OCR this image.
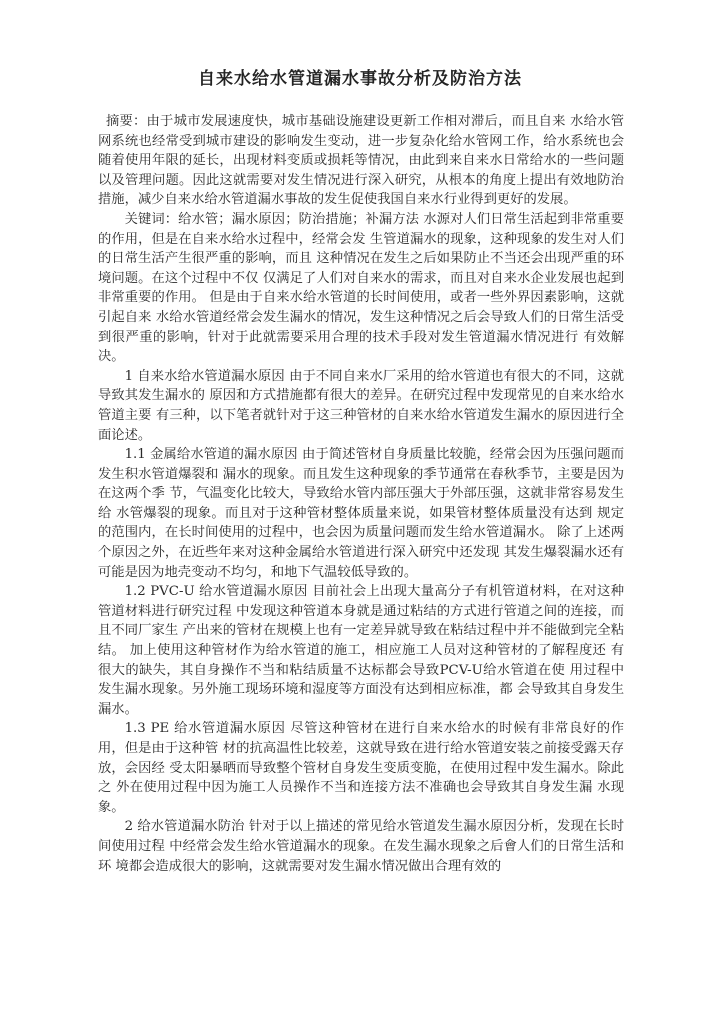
自来水给水管道漏水事故分析及防治方法

摘要：由于城市发展速度快，城市基础设施建设更新工作相对滞后，而且自来 水给水管网系统也经常受到城市建设的影响发生变动，进一步复杂化给水管网工作，给水系统也会随着使用年限的延长，出现材料变质或损耗等情况，由此到来自来水日常给水的一些问题以及管理问题。因此这就需要对发生情况进行深入研究，从根本的角度上提出有效地防治措施，减少自来水给水管道漏水事故的发生促使我国自来水行业得到更好的发展。

关键词：给水管；漏水原因；防治措施；补漏方法 水源对人们日常生活起到非常重要的作用，但是在自来水给水过程中，经常会发 生管道漏水的现象，这种现象的发生对人们的日常生活产生很严重的影响，而且 这种情况在发生之后如果防止不当还会出现严重的环境问题。在这个过程中不仅 仅满足了人们对自来水的需求，而且对自来水企业发展也起到非常重要的作用。 但是由于自来水给水管道的长时间使用，或者一些外界因素影响，这就引起自来 水给水管道经常会发生漏水的情况，发生这种情况之后会导致人们的日常生活受 到很严重的影响，针对于此就需要采用合理的技术手段对发生管道漏水情况进行 有效解决。

1 自来水给水管道漏水原因 由于不同自来水厂采用的给水管道也有很大的不同，这就导致其发生漏水的 原因和方式措施都有很大的差异。在研究过程中发现常见的自来水给水管道主要 有三种，以下笔者就针对于这三种管材的自来水给水管道发生漏水的原因进行全 面论述。

1.1 金属给水管道的漏水原因 由于简述管材自身质量比较脆，经常会因为压强问题而发生积水管道爆裂和 漏水的现象。而且发生这种现象的季节通常在春秋季节，主要是因为在这两个季 节，气温变化比较大，导致给水管内部压强大于外部压强，这就非常容易发生给 水管爆裂的现象。而且对于这种管材整体质量来说，如果管材整体质量没有达到 规定的范围内，在长时间使用的过程中，也会因为质量问题而发生给水管道漏水。 除了上述两个原因之外，在近些年来对这种金属给水管道进行深入研究中还发现 其发生爆裂漏水还有可能是因为地壳变动不均匀，和地下气温较低导致的。

1.2 PVC-U 给水管道漏水原因 目前社会上出现大量高分子有机管道材料，在对这种管道材料进行研究过程 中发现这种管道本身就是通过粘结的方式进行管道之间的连接，而且不同厂家生 产出来的管材在规模上也有一定差异就导致在粘结过程中并不能做到完全粘结。 加上使用这种管材作为给水管道的施工，相应施工人员对这种管材的了解程度还 有很大的缺失，其自身操作不当和粘结质量不达标都会导致PCV-U给水管道在使 用过程中发生漏水现象。另外施工现场环境和湿度等方面没有达到相应标准，都 会导致其自身发生漏水。

1.3 PE 给水管道漏水原因 尽管这种管材在进行自来水给水的时候有非常良好的作用，但是由于这种管 材的抗高温性比较差，这就导致在进行给水管道安装之前接受露天存放，会因经 受太阳暴晒而导致整个管材自身发生变质变脆，在使用过程中发生漏水。除此之 外在使用过程中因为施工人员操作不当和连接方法不准确也会导致其自身发生漏 水现象。

2 给水管道漏水防治 针对于以上描述的常见给水管道发生漏水原因分析，发现在长时间使用过程 中经常会发生给水管道漏水的现象。在发生漏水现象之后會人们的日常生活和环 境都会造成很大的影响，这就需要对发生漏水情况做出合理有效的
